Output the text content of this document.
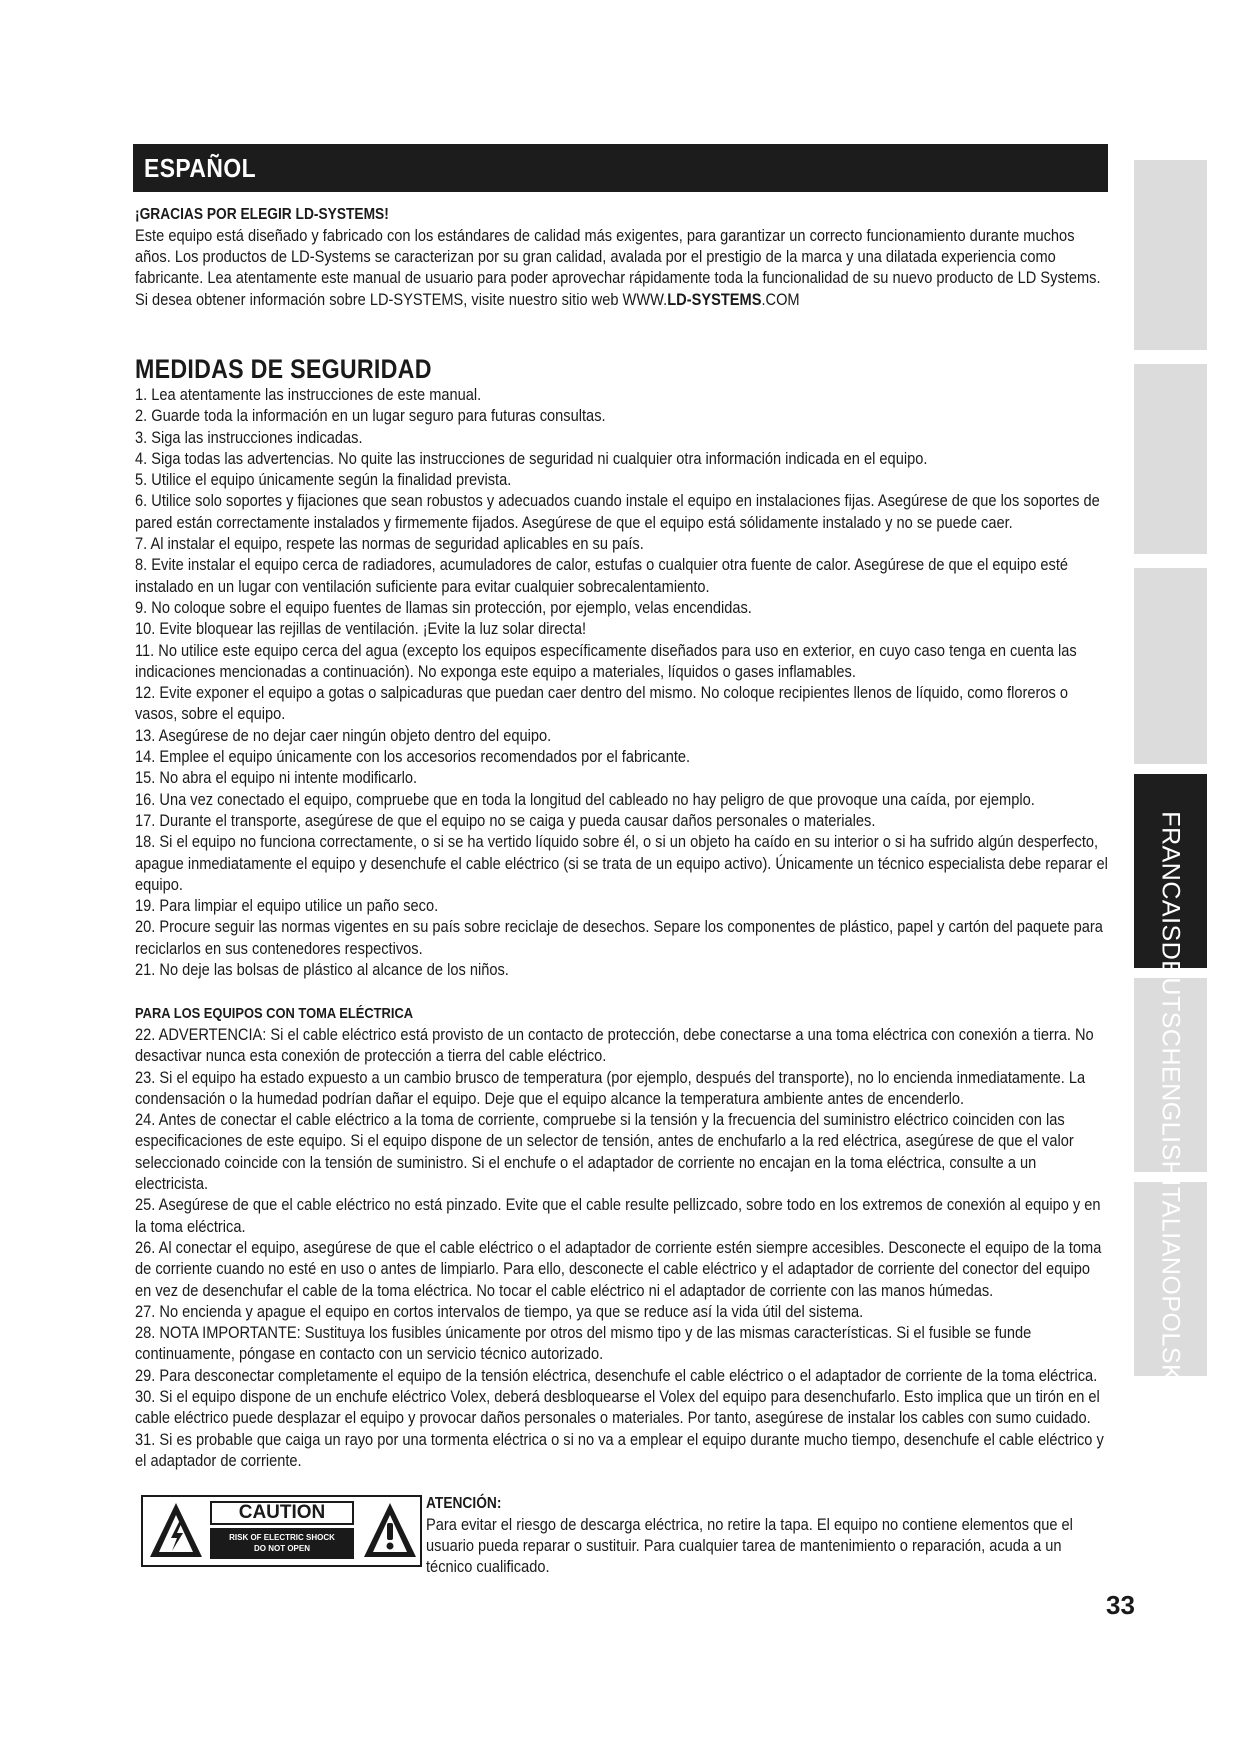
ESPAÑOL
¡GRACIAS POR ELEGIR LD-SYSTEMS!

Este equipo está diseñado y fabricado con los estándares de calidad más exigentes, para garantizar un correcto funcionamiento durante muchos años. Los productos de LD-Systems se caracterizan por su gran calidad, avalada por el prestigio de la marca y una dilatada experiencia como fabricante. Lea atentamente este manual de usuario para poder aprovechar rápidamente toda la funcionalidad de su nuevo producto de LD Systems.

Si desea obtener información sobre LD-SYSTEMS, visite nuestro sitio web WWW.LD-SYSTEMS.COM

MEDIDAS DE SEGURIDAD

1. Lea atentamente las instrucciones de este manual.

2. Guarde toda la información en un lugar seguro para futuras consultas.

3. Siga las instrucciones indicadas.

4. Siga todas las advertencias. No quite las instrucciones de seguridad ni cualquier otra información indicada en el equipo.

5. Utilice el equipo únicamente según la finalidad prevista.

6. Utilice solo soportes y fijaciones que sean robustos y adecuados cuando instale el equipo en instalaciones fijas. Asegúrese de que los soportes de pared están correctamente instalados y firmemente fijados. Asegúrese de que el equipo está sólidamente instalado y no se puede caer.

7. Al instalar el equipo, respete las normas de seguridad aplicables en su país.

8. Evite instalar el equipo cerca de radiadores, acumuladores de calor, estufas o cualquier otra fuente de calor. Asegúrese de que el equipo esté instalado en un lugar con ventilación suficiente para evitar cualquier sobrecalentamiento.

9. No coloque sobre el equipo fuentes de llamas sin protección, por ejemplo, velas encendidas.

10. Evite bloquear las rejillas de ventilación. ¡Evite la luz solar directa!

11. No utilice este equipo cerca del agua (excepto los equipos específicamente diseñados para uso en exterior, en cuyo caso tenga en cuenta las indicaciones mencionadas a continuación). No exponga este equipo a materiales, líquidos o gases inflamables.

12. Evite exponer el equipo a gotas o salpicaduras que puedan caer dentro del mismo. No coloque recipientes llenos de líquido, como floreros o vasos, sobre el equipo.

13. Asegúrese de no dejar caer ningún objeto dentro del equipo.

14. Emplee el equipo únicamente con los accesorios recomendados por el fabricante.

15. No abra el equipo ni intente modificarlo.

16. Una vez conectado el equipo, compruebe que en toda la longitud del cableado no hay peligro de que provoque una caída, por ejemplo.

17. Durante el transporte, asegúrese de que el equipo no se caiga y pueda causar daños personales o materiales.

18. Si el equipo no funciona correctamente, o si se ha vertido líquido sobre él, o si un objeto ha caído en su interior o si ha sufrido algún desperfecto, apague inmediatamente el equipo y desenchufe el cable eléctrico (si se trata de un equipo activo). Únicamente un técnico especialista debe reparar el equipo.

19. Para limpiar el equipo utilice un paño seco.

20. Procure seguir las normas vigentes en su país sobre reciclaje de desechos. Separe los componentes de plástico, papel y cartón del paquete para reciclarlos en sus contenedores respectivos.

21. No deje las bolsas de plástico al alcance de los niños.

PARA LOS EQUIPOS CON TOMA ELÉCTRICA

22. ADVERTENCIA: Si el cable eléctrico está provisto de un contacto de protección, debe conectarse a una toma eléctrica con conexión a tierra. No desactivar nunca esta conexión de protección a tierra del cable eléctrico.

23. Si el equipo ha estado expuesto a un cambio brusco de temperatura (por ejemplo, después del transporte), no lo encienda inmediatamente. La condensación o la humedad podrían dañar el equipo. Deje que el equipo alcance la temperatura ambiente antes de encenderlo.

24. Antes de conectar el cable eléctrico a la toma de corriente, compruebe si la tensión y la frecuencia del suministro eléctrico coinciden con las especificaciones de este equipo. Si el equipo dispone de un selector de tensión, antes de enchufarlo a la red eléctrica, asegúrese de que el valor seleccionado coincide con la tensión de suministro. Si el enchufe o el adaptador de corriente no encajan en la toma eléctrica, consulte a un electricista.

25. Asegúrese de que el cable eléctrico no está pinzado. Evite que el cable resulte pellizcado, sobre todo en los extremos de conexión al equipo y en la toma eléctrica.

26. Al conectar el equipo, asegúrese de que el cable eléctrico o el adaptador de corriente estén siempre accesibles. Desconecte el equipo de la toma de corriente cuando no esté en uso o antes de limpiarlo. Para ello, desconecte el cable eléctrico y el adaptador de corriente del conector del equipo en vez de desenchufar el cable de la toma eléctrica. No tocar el cable eléctrico ni el adaptador de corriente con las manos húmedas.

27. No encienda y apague el equipo en cortos intervalos de tiempo, ya que se reduce así la vida útil del sistema.

28. NOTA IMPORTANTE: Sustituya los fusibles únicamente por otros del mismo tipo y de las mismas características. Si el fusible se funde continuamente, póngase en contacto con un servicio técnico autorizado.

29. Para desconectar completamente el equipo de la tensión eléctrica, desenchufe el cable eléctrico o el adaptador de corriente de la toma eléctrica.

30. Si el equipo dispone de un enchufe eléctrico Volex, deberá desbloquearse el Volex del equipo para desenchufarlo. Esto implica que un tirón en el cable eléctrico puede desplazar el equipo y provocar daños personales o materiales. Por tanto, asegúrese de instalar los cables con sumo cuidado.

31. Si es probable que caiga un rayo por una tormenta eléctrica o si no va a emplear el equipo durante mucho tiempo, desenchufe el cable eléctrico y el adaptador de corriente.

CAUTION
RISK OF ELECTRIC SHOCK
DO NOT OPEN
ATENCIÓN:

Para evitar el riesgo de descarga eléctrica, no retire la tapa. El equipo no contiene elementos que el usuario pueda reparar o sustituir. Para cualquier tarea de mantenimiento o reparación, acuda a un técnico cualificado.

FRANCAISDEUTSCHENGLISHITALIANOPOLSKI
33
